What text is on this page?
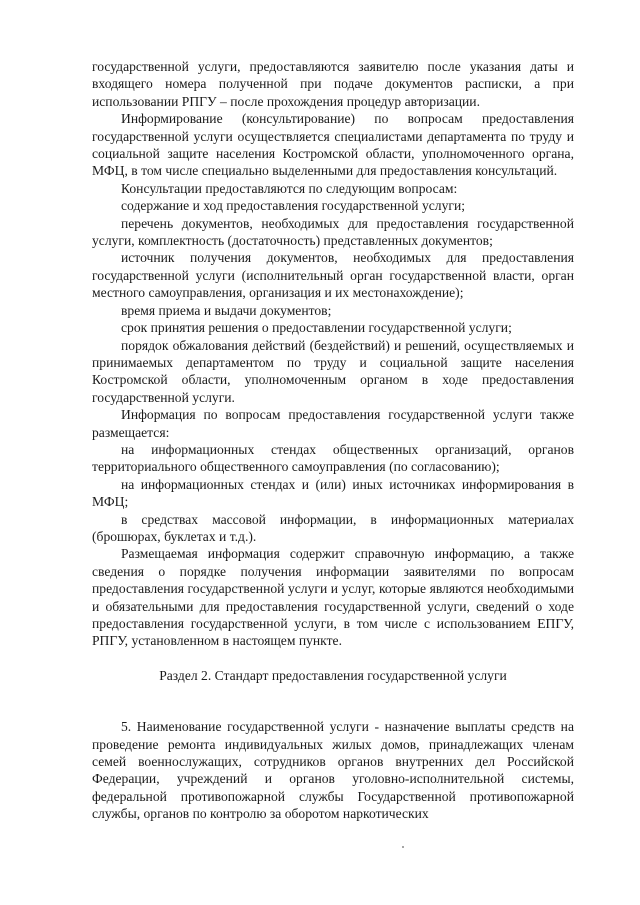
государственной услуги, предоставляются заявителю после указания даты и входящего номера полученной при подаче документов расписки, а при использовании РПГУ – после прохождения процедур авторизации.

Информирование (консультирование) по вопросам предоставления государственной услуги осуществляется специалистами департамента по труду и социальной защите населения Костромской области, уполномоченного органа, МФЦ, в том числе специально выделенными для предоставления консультаций.

Консультации предоставляются по следующим вопросам:

содержание и ход предоставления государственной услуги;

перечень документов, необходимых для предоставления государственной услуги, комплектность (достаточность) представленных документов;

источник получения документов, необходимых для предоставления государственной услуги (исполнительный орган государственной власти, орган местного самоуправления, организация и их местонахождение);

время приема и выдачи документов;

срок принятия решения о предоставлении государственной услуги;

порядок обжалования действий (бездействий) и решений, осуществляемых и принимаемых департаментом по труду и социальной защите населения Костромской области, уполномоченным органом в ходе предоставления государственной услуги.

Информация по вопросам предоставления государственной услуги также размещается:

на информационных стендах общественных организаций, органов территориального общественного самоуправления (по согласованию);

на информационных стендах и (или) иных источниках информирования в МФЦ;

в средствах массовой информации, в информационных материалах (брошюрах, буклетах и т.д.).

Размещаемая информация содержит справочную информацию, а также сведения о порядке получения информации заявителями по вопросам предоставления государственной услуги и услуг, которые являются необходимыми и обязательными для предоставления государственной услуги, сведений о ходе предоставления государственной услуги, в том числе с использованием ЕПГУ, РПГУ, установленном в настоящем пункте.

Раздел 2. Стандарт предоставления государственной услуги

5. Наименование государственной услуги - назначение выплаты средств на проведение ремонта индивидуальных жилых домов, принадлежащих членам семей военнослужащих, сотрудников органов внутренних дел Российской Федерации, учреждений и органов уголовно-исполнительной системы, федеральной противопожарной службы Государственной противопожарной службы, органов по контролю за оборотом наркотических
